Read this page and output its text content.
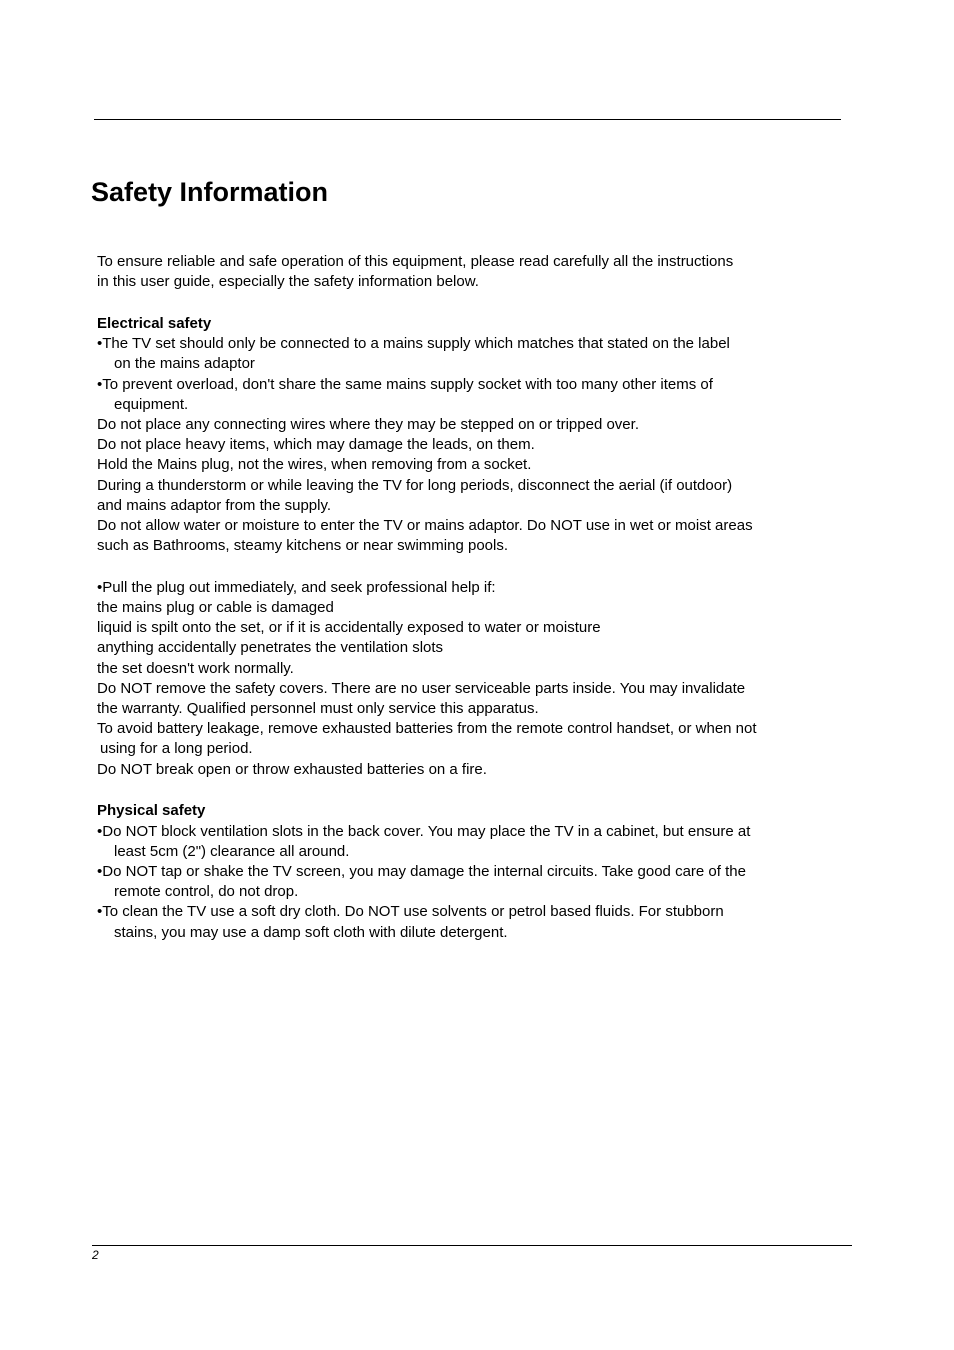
Safety Information
To ensure reliable and safe operation of this equipment, please read carefully all the instructions
in this user guide, especially the safety information below.
Electrical safety
•The TV set should only be connected to a mains supply which matches that stated on the label
on the mains adaptor
•To prevent overload, don't share the same mains supply socket with too many other items of
equipment.
Do not place any connecting wires where they may be stepped on or tripped over.
Do not place heavy items, which may damage the leads, on them.
Hold the Mains plug, not the wires, when removing from a socket.
During a thunderstorm or while leaving the TV for long periods, disconnect the aerial (if outdoor)
and mains adaptor from the supply.
Do not allow water or moisture to enter the TV or mains adaptor. Do NOT use in wet or moist areas
such as Bathrooms, steamy kitchens or near swimming pools.
•Pull the plug out immediately, and seek professional help if:
the mains plug or cable is damaged
liquid is spilt onto the set, or if it is accidentally exposed to water or moisture
anything accidentally penetrates the ventilation slots
the set doesn't work normally.
Do NOT remove the safety covers. There are no user serviceable parts inside. You may invalidate
the warranty. Qualified personnel must only service this apparatus.
To avoid battery leakage, remove exhausted batteries from the remote control handset, or when not
using for a long period.
Do NOT break open or throw exhausted batteries on a fire.
Physical safety
•Do NOT block ventilation slots in the back cover. You may place the TV in a cabinet, but ensure at
least 5cm (2") clearance all around.
•Do NOT tap or shake the TV screen, you may damage the internal circuits. Take good care of the
remote control, do not drop.
•To clean the TV use a soft dry cloth. Do NOT use solvents or petrol based fluids. For stubborn
stains, you may use a damp soft cloth with dilute detergent.
2
